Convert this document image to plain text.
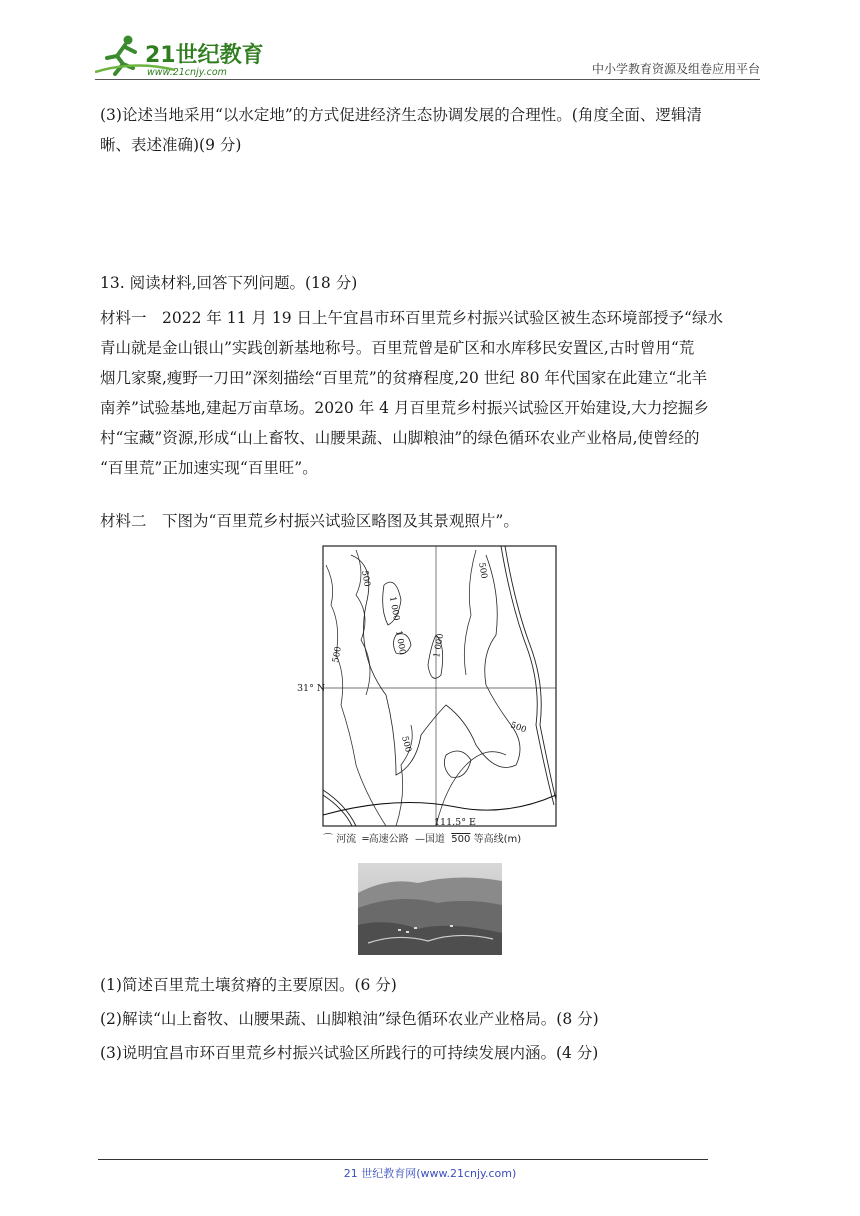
21世纪教育
www.21cnjy.com	中小学教育资源及组卷应用平台

(3)论述当地采用“以水定地”的方式促进经济生态协调发展的合理性。(角度全面、逻辑清
晰、表述准确)(9 分)

13. 阅读材料,回答下列问题。(18 分)

材料一　2022 年 11 月 19 日上午宜昌市环百里荒乡村振兴试验区被生态环境部授予“绿水
青山就是金山银山”实践创新基地称号。百里荒曾是矿区和水库移民安置区,古时曾用“荒
烟几家聚,瘦野一刀田”深刻描绘“百里荒”的贫瘠程度,20 世纪 80 年代国家在此建立“北羊
南养”试验基地,建起万亩草场。2020 年 4 月百里荒乡村振兴试验区开始建设,大力挖掘乡
村“宝藏”资源,形成“山上畜牧、山腰果蔬、山脚粮油”的绿色循环农业产业格局,使曾经的
“百里荒”正加速实现“百里旺”。

材料二　下图为“百里荒乡村振兴试验区略图及其景观照片”。

500
1 000
1 000	1 000
500
500
500
500
31° N
111.5° E
⌒ 河流 ═高速公路 —国道 500 等高线(m)

(1)简述百里荒土壤贫瘠的主要原因。(6 分)

(2)解读“山上畜牧、山腰果蔬、山脚粮油”绿色循环农业产业格局。(8 分)

(3)说明宜昌市环百里荒乡村振兴试验区所践行的可持续发展内涵。(4 分)

21 世纪教育网(www.21cnjy.com)
